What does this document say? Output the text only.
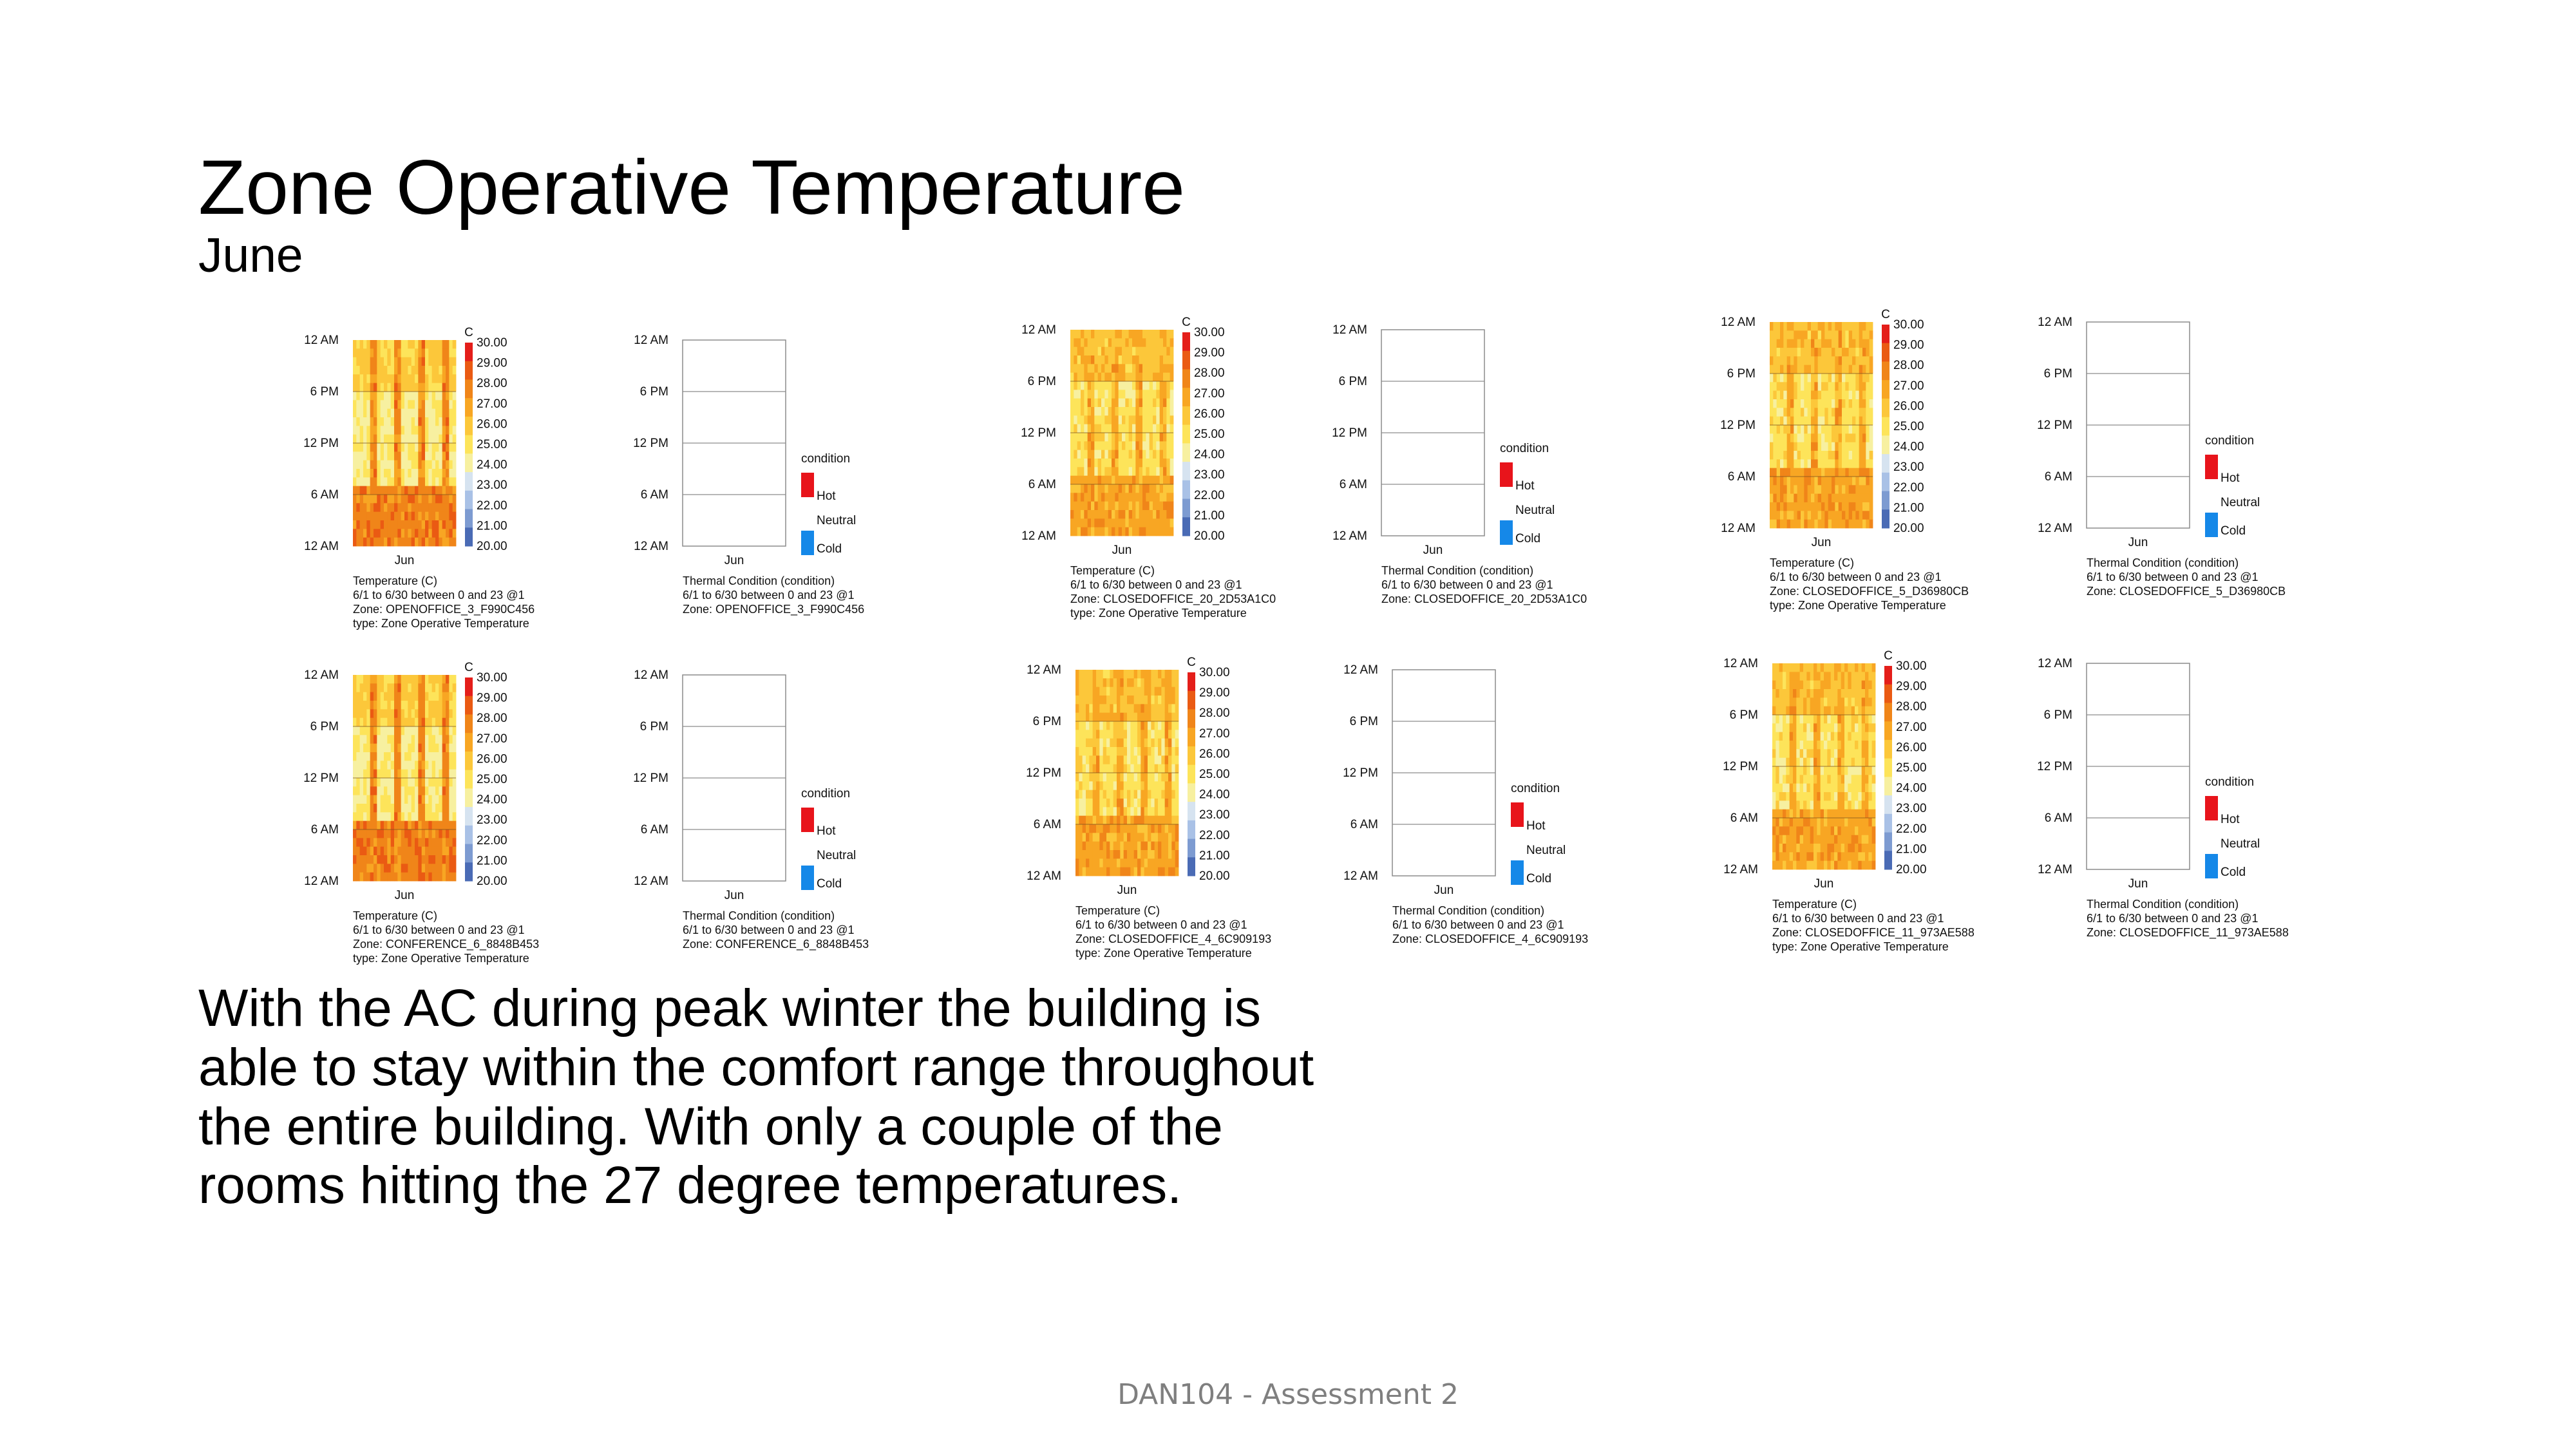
Zone Operative Temperature
June
12 AM
6 PM
12 PM
6 AM
12 AM
Jun
C
30.00
29.00
28.00
27.00
26.00
25.00
24.00
23.00
22.00
21.00
20.00
Temperature (C)
6/1 to 6/30 between 0 and 23 @1
Zone: OPENOFFICE_3_F990C456
type: Zone Operative Temperature
12 AM
6 PM
12 PM
6 AM
12 AM
Jun
condition
Hot
Neutral
Cold
Thermal Condition (condition)
6/1 to 6/30 between 0 and 23 @1
Zone: OPENOFFICE_3_F990C456
12 AM
6 PM
12 PM
6 AM
12 AM
Jun
C
30.00
29.00
28.00
27.00
26.00
25.00
24.00
23.00
22.00
21.00
20.00
Temperature (C)
6/1 to 6/30 between 0 and 23 @1
Zone: CLOSEDOFFICE_20_2D53A1C0
type: Zone Operative Temperature
12 AM
6 PM
12 PM
6 AM
12 AM
Jun
condition
Hot
Neutral
Cold
Thermal Condition (condition)
6/1 to 6/30 between 0 and 23 @1
Zone: CLOSEDOFFICE_20_2D53A1C0
12 AM
6 PM
12 PM
6 AM
12 AM
Jun
C
30.00
29.00
28.00
27.00
26.00
25.00
24.00
23.00
22.00
21.00
20.00
Temperature (C)
6/1 to 6/30 between 0 and 23 @1
Zone: CLOSEDOFFICE_5_D36980CB
type: Zone Operative Temperature
12 AM
6 PM
12 PM
6 AM
12 AM
Jun
condition
Hot
Neutral
Cold
Thermal Condition (condition)
6/1 to 6/30 between 0 and 23 @1
Zone: CLOSEDOFFICE_5_D36980CB
12 AM
6 PM
12 PM
6 AM
12 AM
Jun
C
30.00
29.00
28.00
27.00
26.00
25.00
24.00
23.00
22.00
21.00
20.00
Temperature (C)
6/1 to 6/30 between 0 and 23 @1
Zone: CONFERENCE_6_8848B453
type: Zone Operative Temperature
12 AM
6 PM
12 PM
6 AM
12 AM
Jun
condition
Hot
Neutral
Cold
Thermal Condition (condition)
6/1 to 6/30 between 0 and 23 @1
Zone: CONFERENCE_6_8848B453
12 AM
6 PM
12 PM
6 AM
12 AM
Jun
C
30.00
29.00
28.00
27.00
26.00
25.00
24.00
23.00
22.00
21.00
20.00
Temperature (C)
6/1 to 6/30 between 0 and 23 @1
Zone: CLOSEDOFFICE_4_6C909193
type: Zone Operative Temperature
12 AM
6 PM
12 PM
6 AM
12 AM
Jun
condition
Hot
Neutral
Cold
Thermal Condition (condition)
6/1 to 6/30 between 0 and 23 @1
Zone: CLOSEDOFFICE_4_6C909193
12 AM
6 PM
12 PM
6 AM
12 AM
Jun
C
30.00
29.00
28.00
27.00
26.00
25.00
24.00
23.00
22.00
21.00
20.00
Temperature (C)
6/1 to 6/30 between 0 and 23 @1
Zone: CLOSEDOFFICE_11_973AE588
type: Zone Operative Temperature
12 AM
6 PM
12 PM
6 AM
12 AM
Jun
condition
Hot
Neutral
Cold
Thermal Condition (condition)
6/1 to 6/30 between 0 and 23 @1
Zone: CLOSEDOFFICE_11_973AE588
With the AC during peak winter the building is able to stay within the comfort range throughout the entire building. With only a couple of the rooms hitting the 27 degree temperatures.
DAN104 - Assessment 2
